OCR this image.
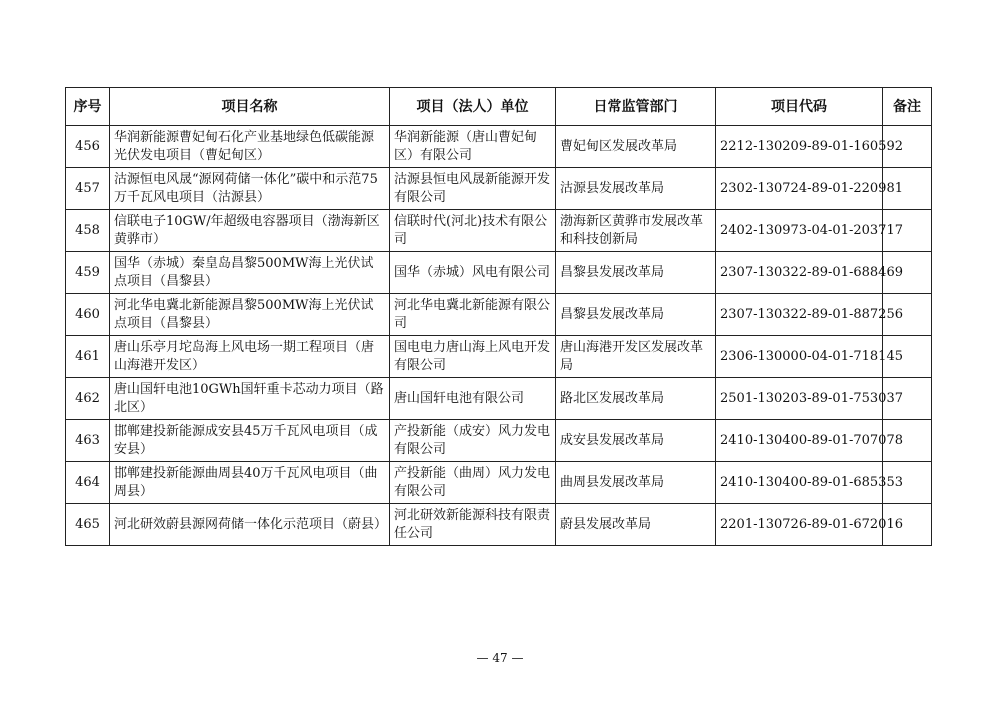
序号	项目名称	项目（法人）单位	日常监管部门	项目代码	备注
456	华润新能源曹妃甸石化产业基地绿色低碳能源光伏发电项目（曹妃甸区）	华润新能源（唐山曹妃甸区）有限公司	曹妃甸区发展改革局	2212-130209-89-01-160592	
457	沽源恒电风晟“源网荷储一体化”碳中和示范75万千瓦风电项目（沽源县）	沽源县恒电风晟新能源开发有限公司	沽源县发展改革局	2302-130724-89-01-220981	
458	信联电子10GW/年超级电容器项目（渤海新区黄骅市）	信联时代(河北)技术有限公司	渤海新区黄骅市发展改革和科技创新局	2402-130973-04-01-203717	
459	国华（赤城）秦皇岛昌黎500MW海上光伏试点项目（昌黎县）	国华（赤城）风电有限公司	昌黎县发展改革局	2307-130322-89-01-688469	
460	河北华电冀北新能源昌黎500MW海上光伏试点项目（昌黎县）	河北华电冀北新能源有限公司	昌黎县发展改革局	2307-130322-89-01-887256	
461	唐山乐亭月坨岛海上风电场一期工程项目（唐山海港开发区）	国电电力唐山海上风电开发有限公司	唐山海港开发区发展改革局	2306-130000-04-01-718145	
462	唐山国轩电池10GWh国轩重卡芯动力项目（路北区）	唐山国轩电池有限公司	路北区发展改革局	2501-130203-89-01-753037	
463	邯郸建投新能源成安县45万千瓦风电项目（成安县）	产投新能（成安）风力发电有限公司	成安县发展改革局	2410-130400-89-01-707078	
464	邯郸建投新能源曲周县40万千瓦风电项目（曲周县）	产投新能（曲周）风力发电有限公司	曲周县发展改革局	2410-130400-89-01-685353	
465	河北研效蔚县源网荷储一体化示范项目（蔚县）	河北研效新能源科技有限责任公司	蔚县发展改革局	2201-130726-89-01-672016	
— 47 —
